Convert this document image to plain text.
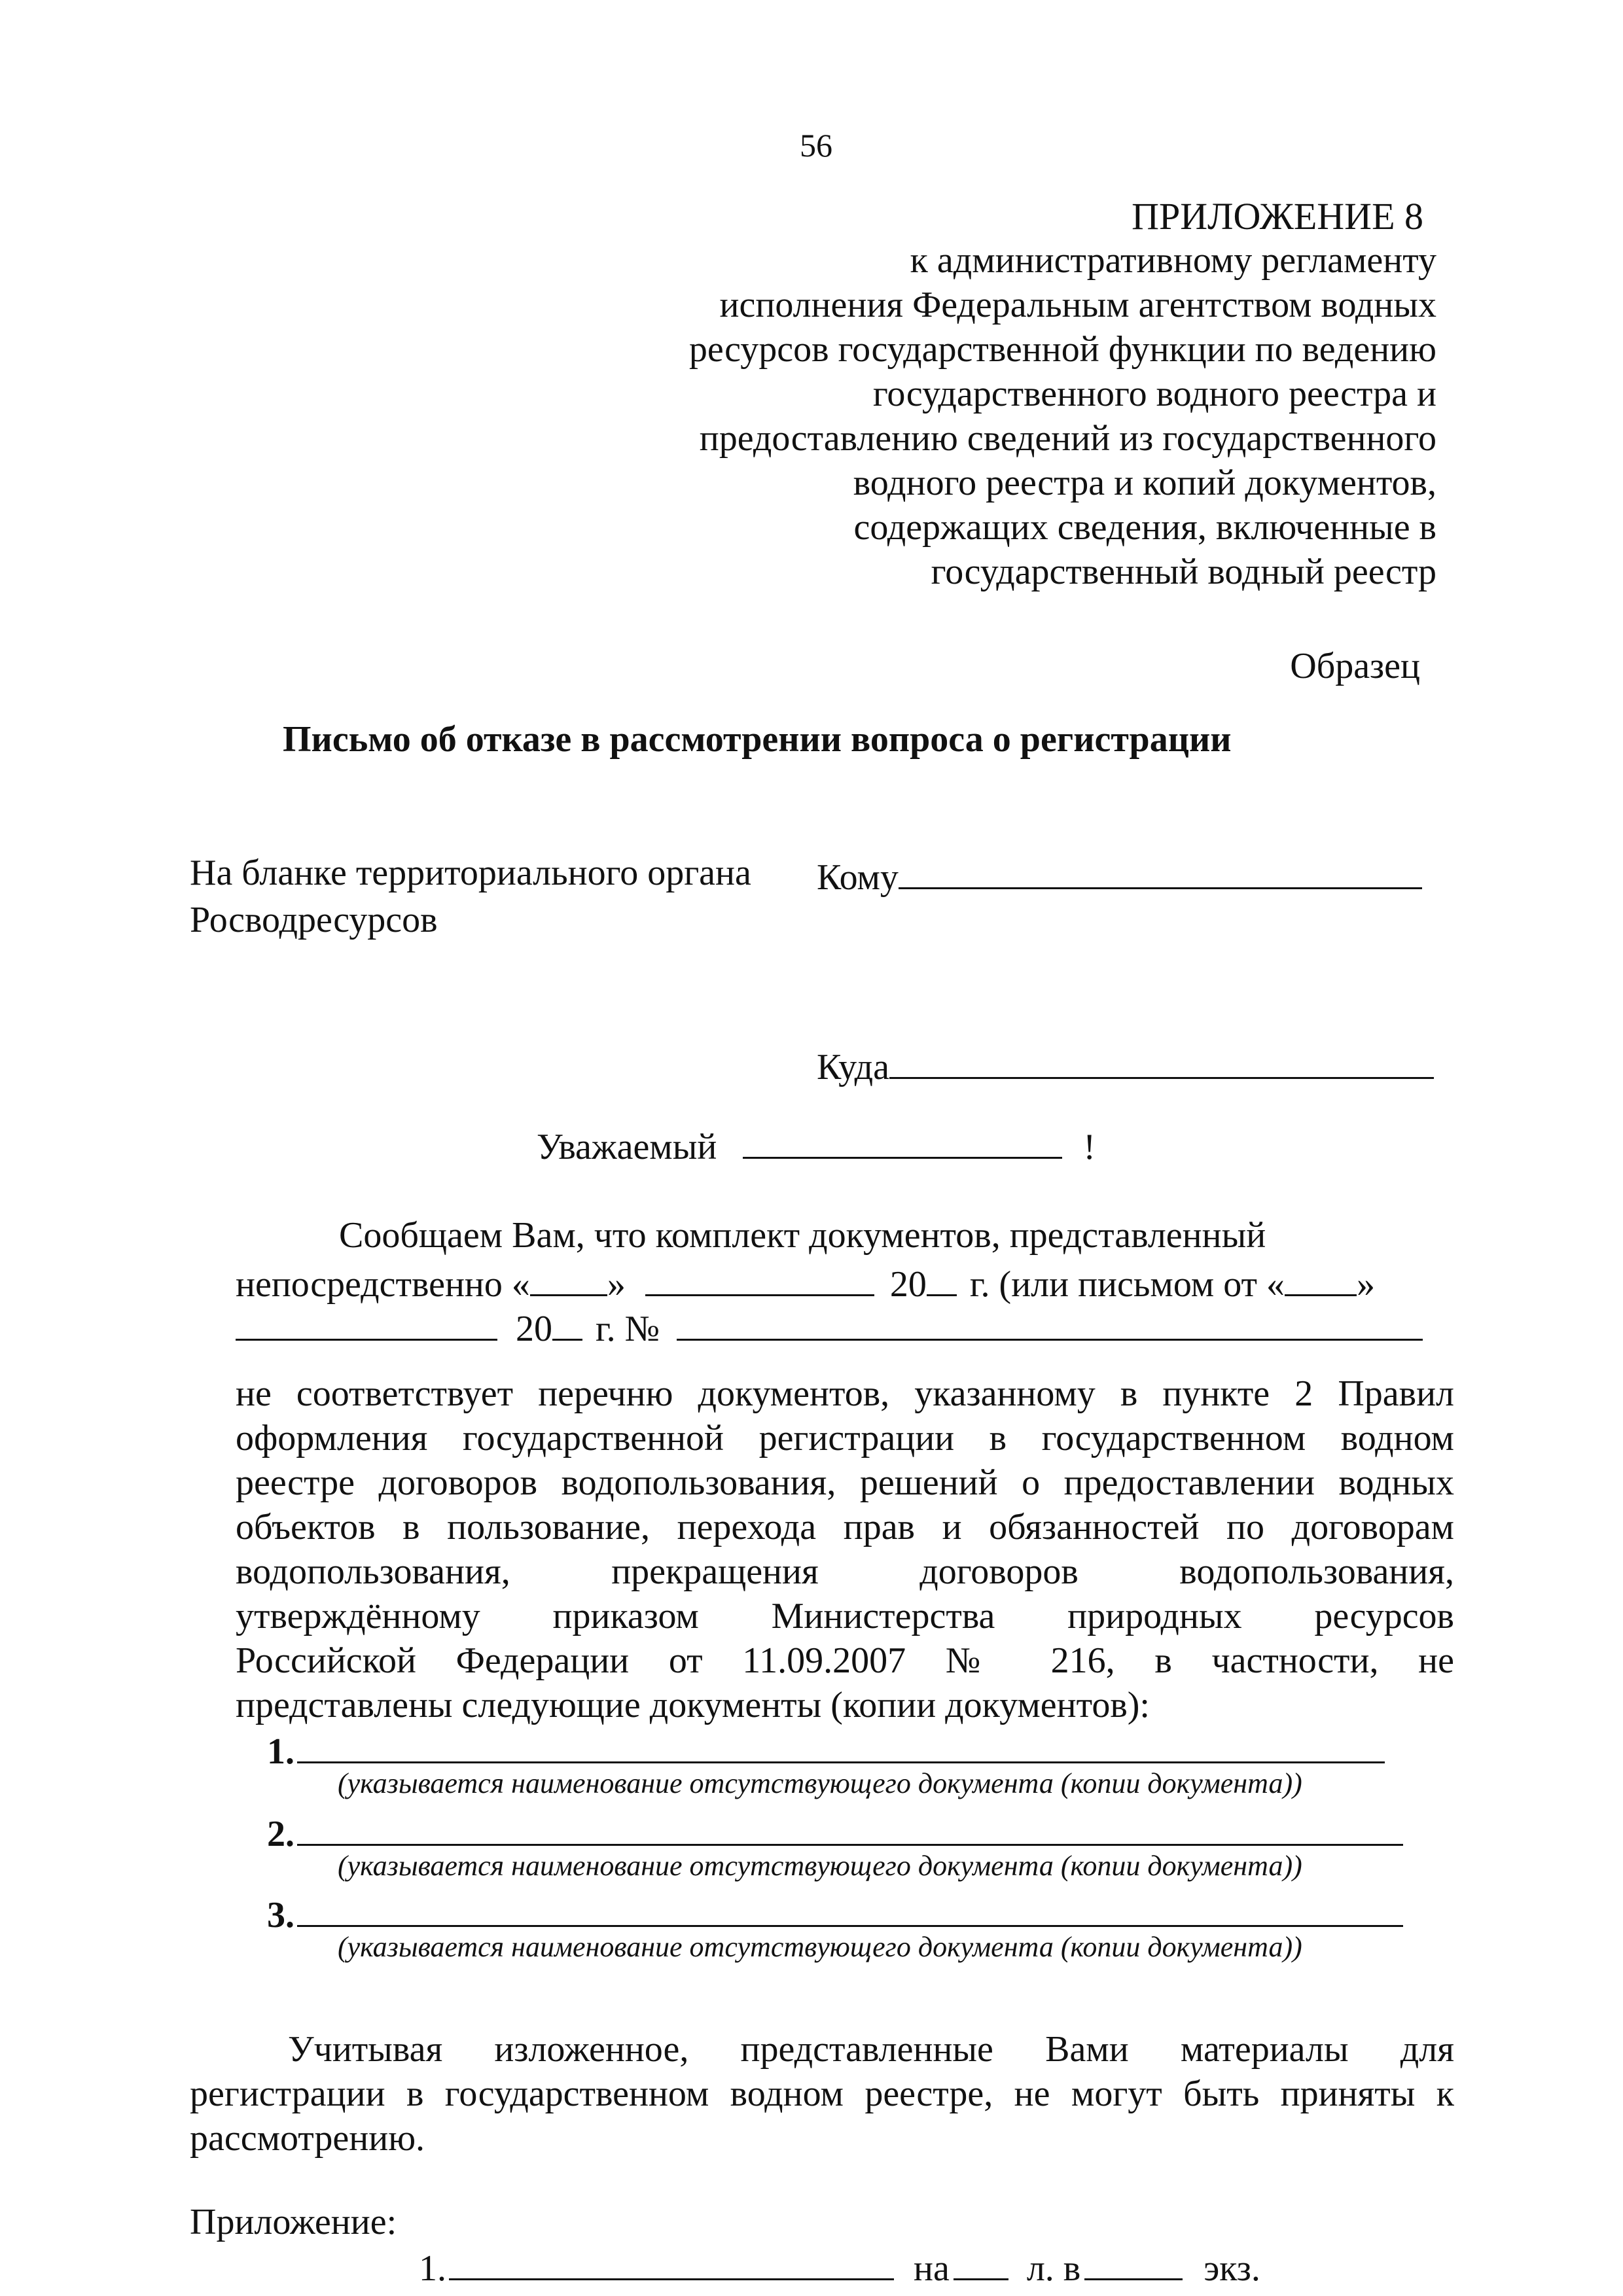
56
ПРИЛОЖЕНИЕ 8
к административному регламенту
исполнения Федеральным агентством водных
ресурсов государственной функции по ведению
государственного водного реестра и
предоставлению сведений из государственного
водного реестра и копий документов,
содержащих сведения, включенные в
государственный водный реестр
Образец
Письмо об отказе в рассмотрении вопроса о регистрации
На бланке территориального органа
Росводресурсов
Кому
Куда
Уважаемый	!
Сообщаем Вам, что комплект документов, представленный
непосредственно « »	20 г. (или письмом от « »
20 г. №
не соответствует перечню документов, указанному в пункте 2 Правил
оформления государственной регистрации в государственном водном
реестре договоров водопользования, решений о предоставлении водных
объектов в пользование, перехода прав и обязанностей по договорам
водопользования, прекращения договоров водопользования,
утверждённому приказом Министерства природных ресурсов
Российской Федерации от 11.09.2007 № 216, в частности, не
представлены следующие документы (копии документов):
1.
(указывается наименование отсутствующего документа (копии документа))
2.
(указывается наименование отсутствующего документа (копии документа))
3.
(указывается наименование отсутствующего документа (копии документа))
Учитывая изложенное, представленные Вами материалы для
регистрации в государственном водном реестре, не могут быть приняты к
рассмотрению.
Приложение:
1.	на л. в	экз.
